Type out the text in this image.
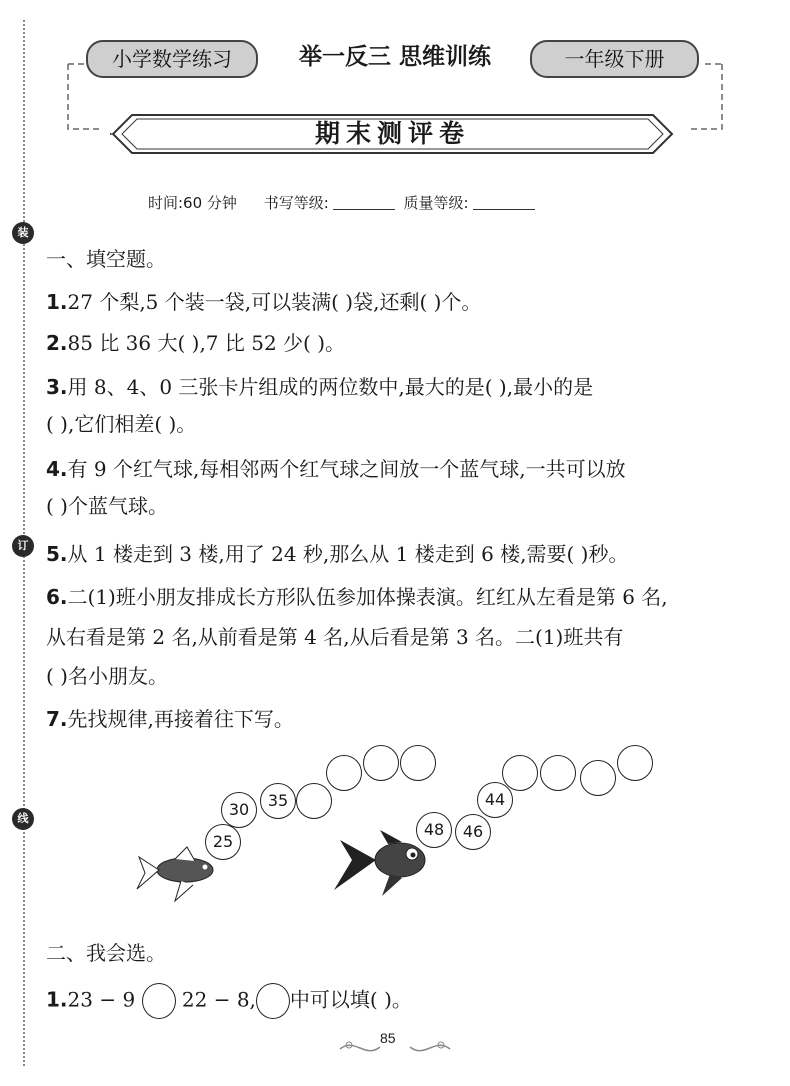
装
订
线
小学数学练习	举一反三 思维训练	一年级下册
期末测评卷
时间:60 分钟 书写等级:	质量等级:
一、填空题。
1.27 个梨,5 个装一袋,可以装满( )袋,还剩( )个。
2.85 比 36 大( ),7 比 52 少( )。
3.用 8、4、0 三张卡片组成的两位数中,最大的是( ),最小的是
( ),它们相差( )。
4.有 9 个红气球,每相邻两个红气球之间放一个蓝气球,一共可以放
( )个蓝气球。
5.从 1 楼走到 3 楼,用了 24 秒,那么从 1 楼走到 6 楼,需要( )秒。
6.二(1)班小朋友排成长方形队伍参加体操表演。红红从左看是第 6 名,
从右看是第 2 名,从前看是第 4 名,从后看是第 3 名。二(1)班共有
( )名小朋友。
7.先找规律,再接着往下写。
25
30	35
46
48
44
二、我会选。
1.23 − 9 22 − 8, 中可以填( )。
85
